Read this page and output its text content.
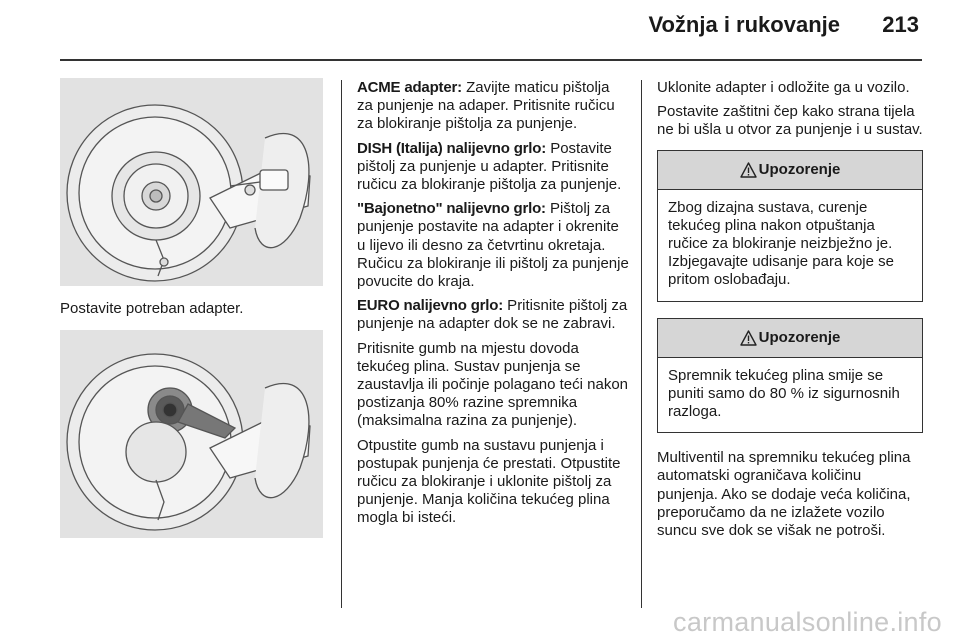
Vožnja i rukovanje 213
Postavite potreban adapter.

ACME adapter: Zavijte maticu pištolja za punjenje na adaper. Pritisnite ručicu za blokiranje pištolja za punjenje.

DISH (Italija) nalijevno grlo: Postavite pištolj za punjenje u adapter. Pritisnite ručicu za blokiranje pištolja za punjenje.

"Bajonetno" nalijevno grlo: Pištolj za punjenje postavite na adapter i okrenite u lijevo ili desno za četvrtinu okretaja. Ručicu za blokiranje ili pištolj za punjenje povucite do kraja.

EURO nalijevno grlo: Pritisnite pištolj za punjenje na adapter dok se ne zabravi.

Pritisnite gumb na mjestu dovoda tekućeg plina. Sustav punjenja se zaustavlja ili počinje polagano teći nakon postizanja 80% razine spremnika (maksimalna razina za punjenje).

Otpustite gumb na sustavu punjenja i postupak punjenja će prestati. Otpustite ručicu za blokiranje i uklonite pištolj za punjenje. Manja količina tekućeg plina mogla bi isteći.

Uklonite adapter i odložite ga u vozilo.

Postavite zaštitni čep kako strana tijela ne bi ušla u otvor za punjenje i u sustav.

Upozorenje
Zbog dizajna sustava, curenje tekućeg plina nakon otpuštanja ručice za blokiranje neizbježno je. Izbjegavajte udisanje para koje se pritom oslobađaju.
Upozorenje
Spremnik tekućeg plina smije se puniti samo do 80 % iz sigurnosnih razloga.

Multiventil na spremniku tekućeg plina automatski ograničava količinu punjenja. Ako se dodaje veća količina, preporučamo da ne izlažete vozilo suncu sve dok se višak ne potroši.

carmanualsonline.info
